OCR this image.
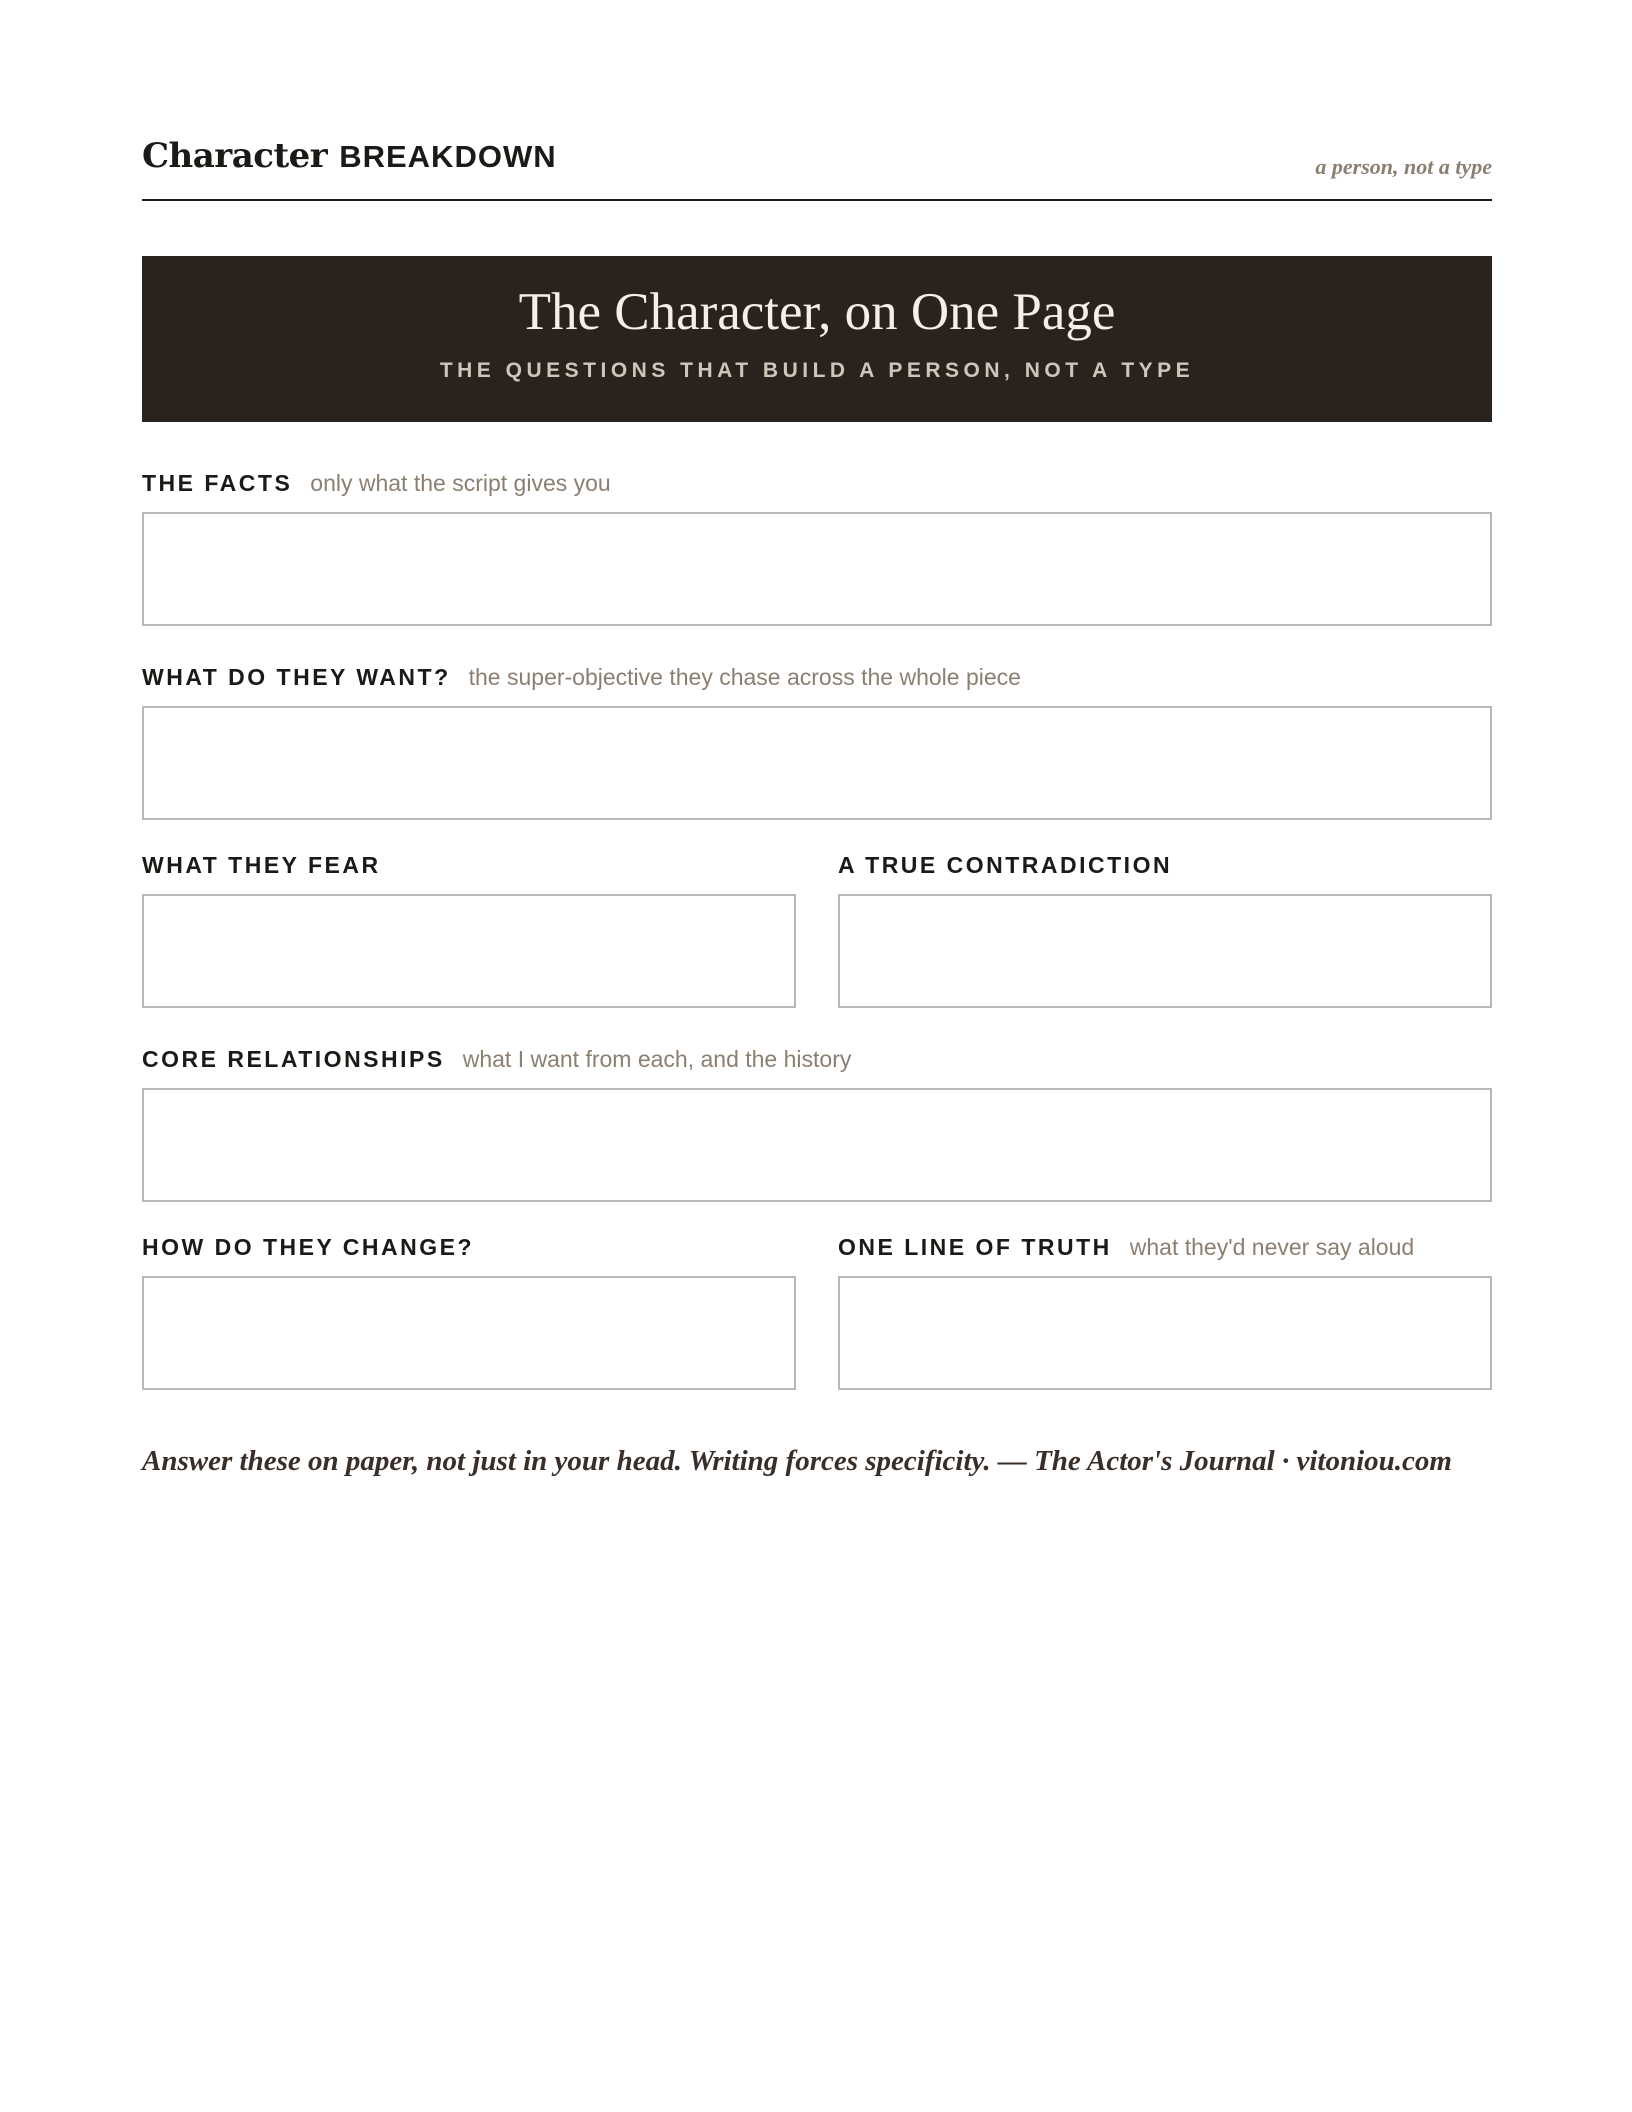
Character BREAKDOWN	a person, not a type
The Character, on One Page
THE QUESTIONS THAT BUILD A PERSON, NOT A TYPE
THE FACTS only what the script gives you
WHAT DO THEY WANT? the super-objective they chase across the whole piece
WHAT THEY FEAR	A TRUE CONTRADICTION
CORE RELATIONSHIPS what I want from each, and the history
HOW DO THEY CHANGE?	ONE LINE OF TRUTH what they'd never say aloud
Answer these on paper, not just in your head. Writing forces specificity. — The Actor's Journal · vitoniou.com
